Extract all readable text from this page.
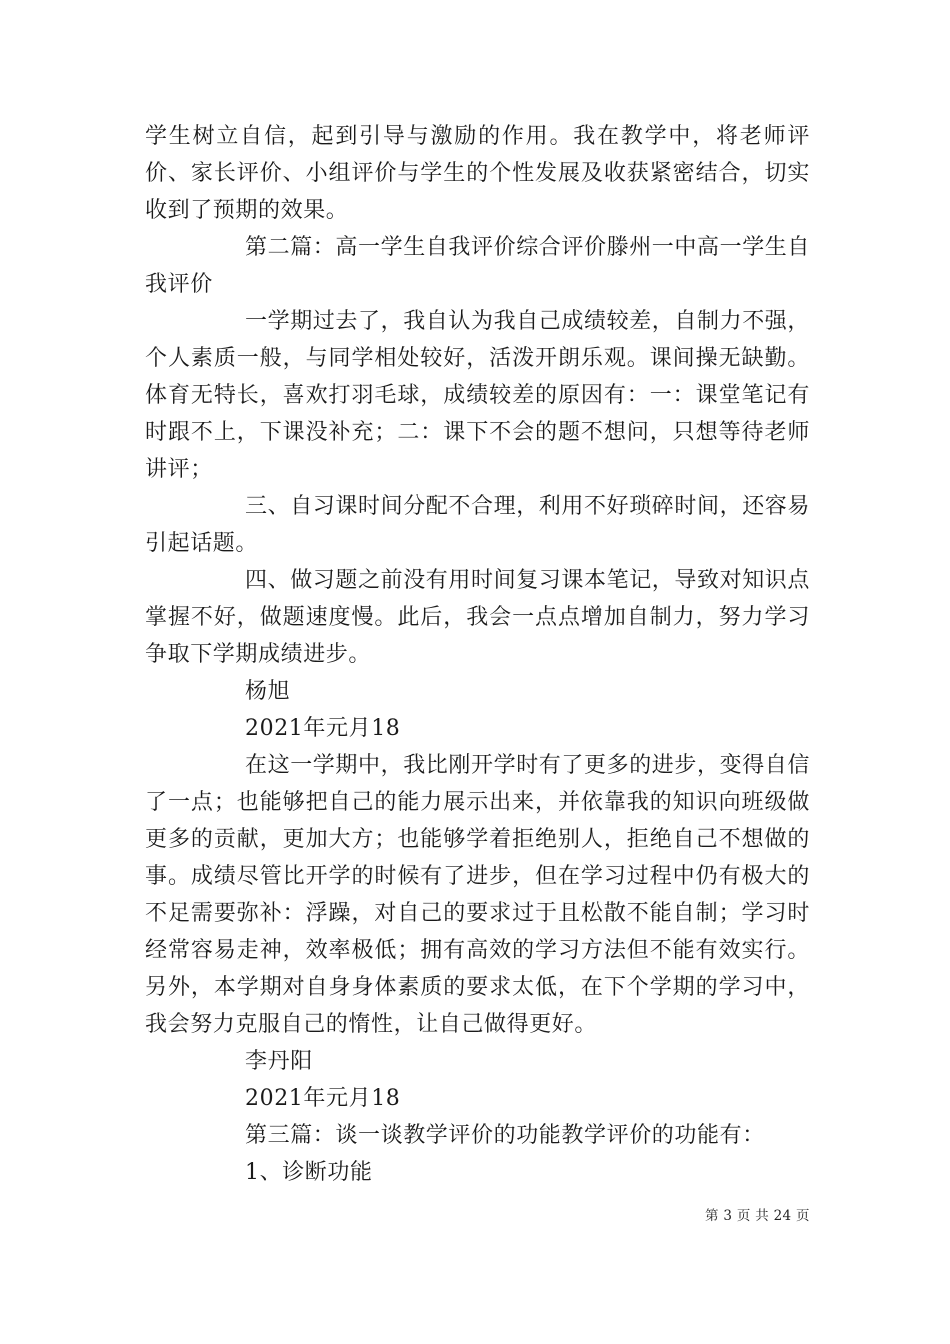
学生树立自信，起到引导与激励的作用。我在教学中，将老师评价、家长评价、小组评价与学生的个性发展及收获紧密结合，切实收到了预期的效果。

第二篇：高一学生自我评价综合评价滕州一中高一学生自我评价

一学期过去了，我自认为我自己成绩较差，自制力不强，个人素质一般，与同学相处较好，活泼开朗乐观。课间操无缺勤。体育无特长，喜欢打羽毛球，成绩较差的原因有：一：课堂笔记有时跟不上，下课没补充；二：课下不会的题不想问，只想等待老师讲评；

三、自习课时间分配不合理，利用不好琐碎时间，还容易引起话题。

四、做习题之前没有用时间复习课本笔记，导致对知识点掌握不好，做题速度慢。此后，我会一点点增加自制力，努力学习争取下学期成绩进步。

杨旭

2021年元月18

在这一学期中，我比刚开学时有了更多的进步，变得自信了一点；也能够把自己的能力展示出来，并依靠我的知识向班级做更多的贡献，更加大方；也能够学着拒绝别人，拒绝自己不想做的事。成绩尽管比开学的时候有了进步，但在学习过程中仍有极大的不足需要弥补：浮躁，对自己的要求过于且松散不能自制；学习时经常容易走神，效率极低；拥有高效的学习方法但不能有效实行。另外，本学期对自身身体素质的要求太低，在下个学期的学习中，我会努力克服自己的惰性，让自己做得更好。

李丹阳

2021年元月18

第三篇：谈一谈教学评价的功能教学评价的功能有：

1、诊断功能

第 3 页 共 24 页
